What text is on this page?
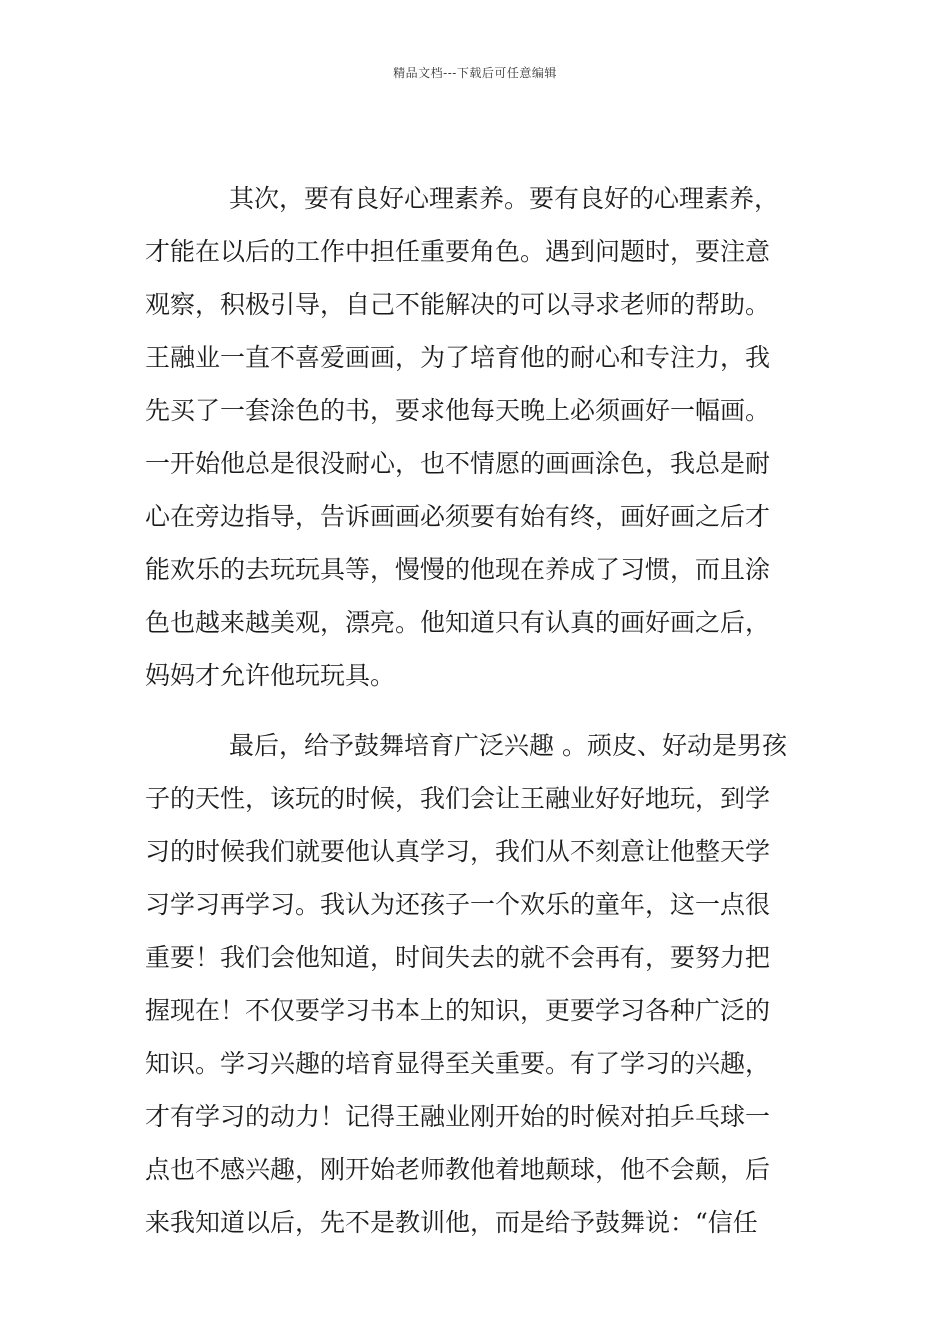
精品文档---下载后可任意编辑
其次，要有良好心理素养。要有良好的心理素养，
才能在以后的工作中担任重要角色。遇到问题时，要注意
观察，积极引导，自己不能解决的可以寻求老师的帮助。
王融业一直不喜爱画画，为了培育他的耐心和专注力，我
先买了一套涂色的书，要求他每天晚上必须画好一幅画。
一开始他总是很没耐心，也不情愿的画画涂色，我总是耐
心在旁边指导，告诉画画必须要有始有终，画好画之后才
能欢乐的去玩玩具等，慢慢的他现在养成了习惯，而且涂
色也越来越美观，漂亮。他知道只有认真的画好画之后，
妈妈才允许他玩玩具。
最后，给予鼓舞培育广泛兴趣 。顽皮、好动是男孩
子的天性，该玩的时候，我们会让王融业好好地玩，到学
习的时候我们就要他认真学习，我们从不刻意让他整天学
习学习再学习。我认为还孩子一个欢乐的童年，这一点很
重要！我们会他知道，时间失去的就不会再有，要努力把
握现在！不仅要学习书本上的知识，更要学习各种广泛的
知识。学习兴趣的培育显得至关重要。有了学习的兴趣，
才有学习的动力！记得王融业刚开始的时候对拍乒乓球一
点也不感兴趣，刚开始老师教他着地颠球，他不会颠，后
来我知道以后，先不是教训他，而是给予鼓舞说：“信任
